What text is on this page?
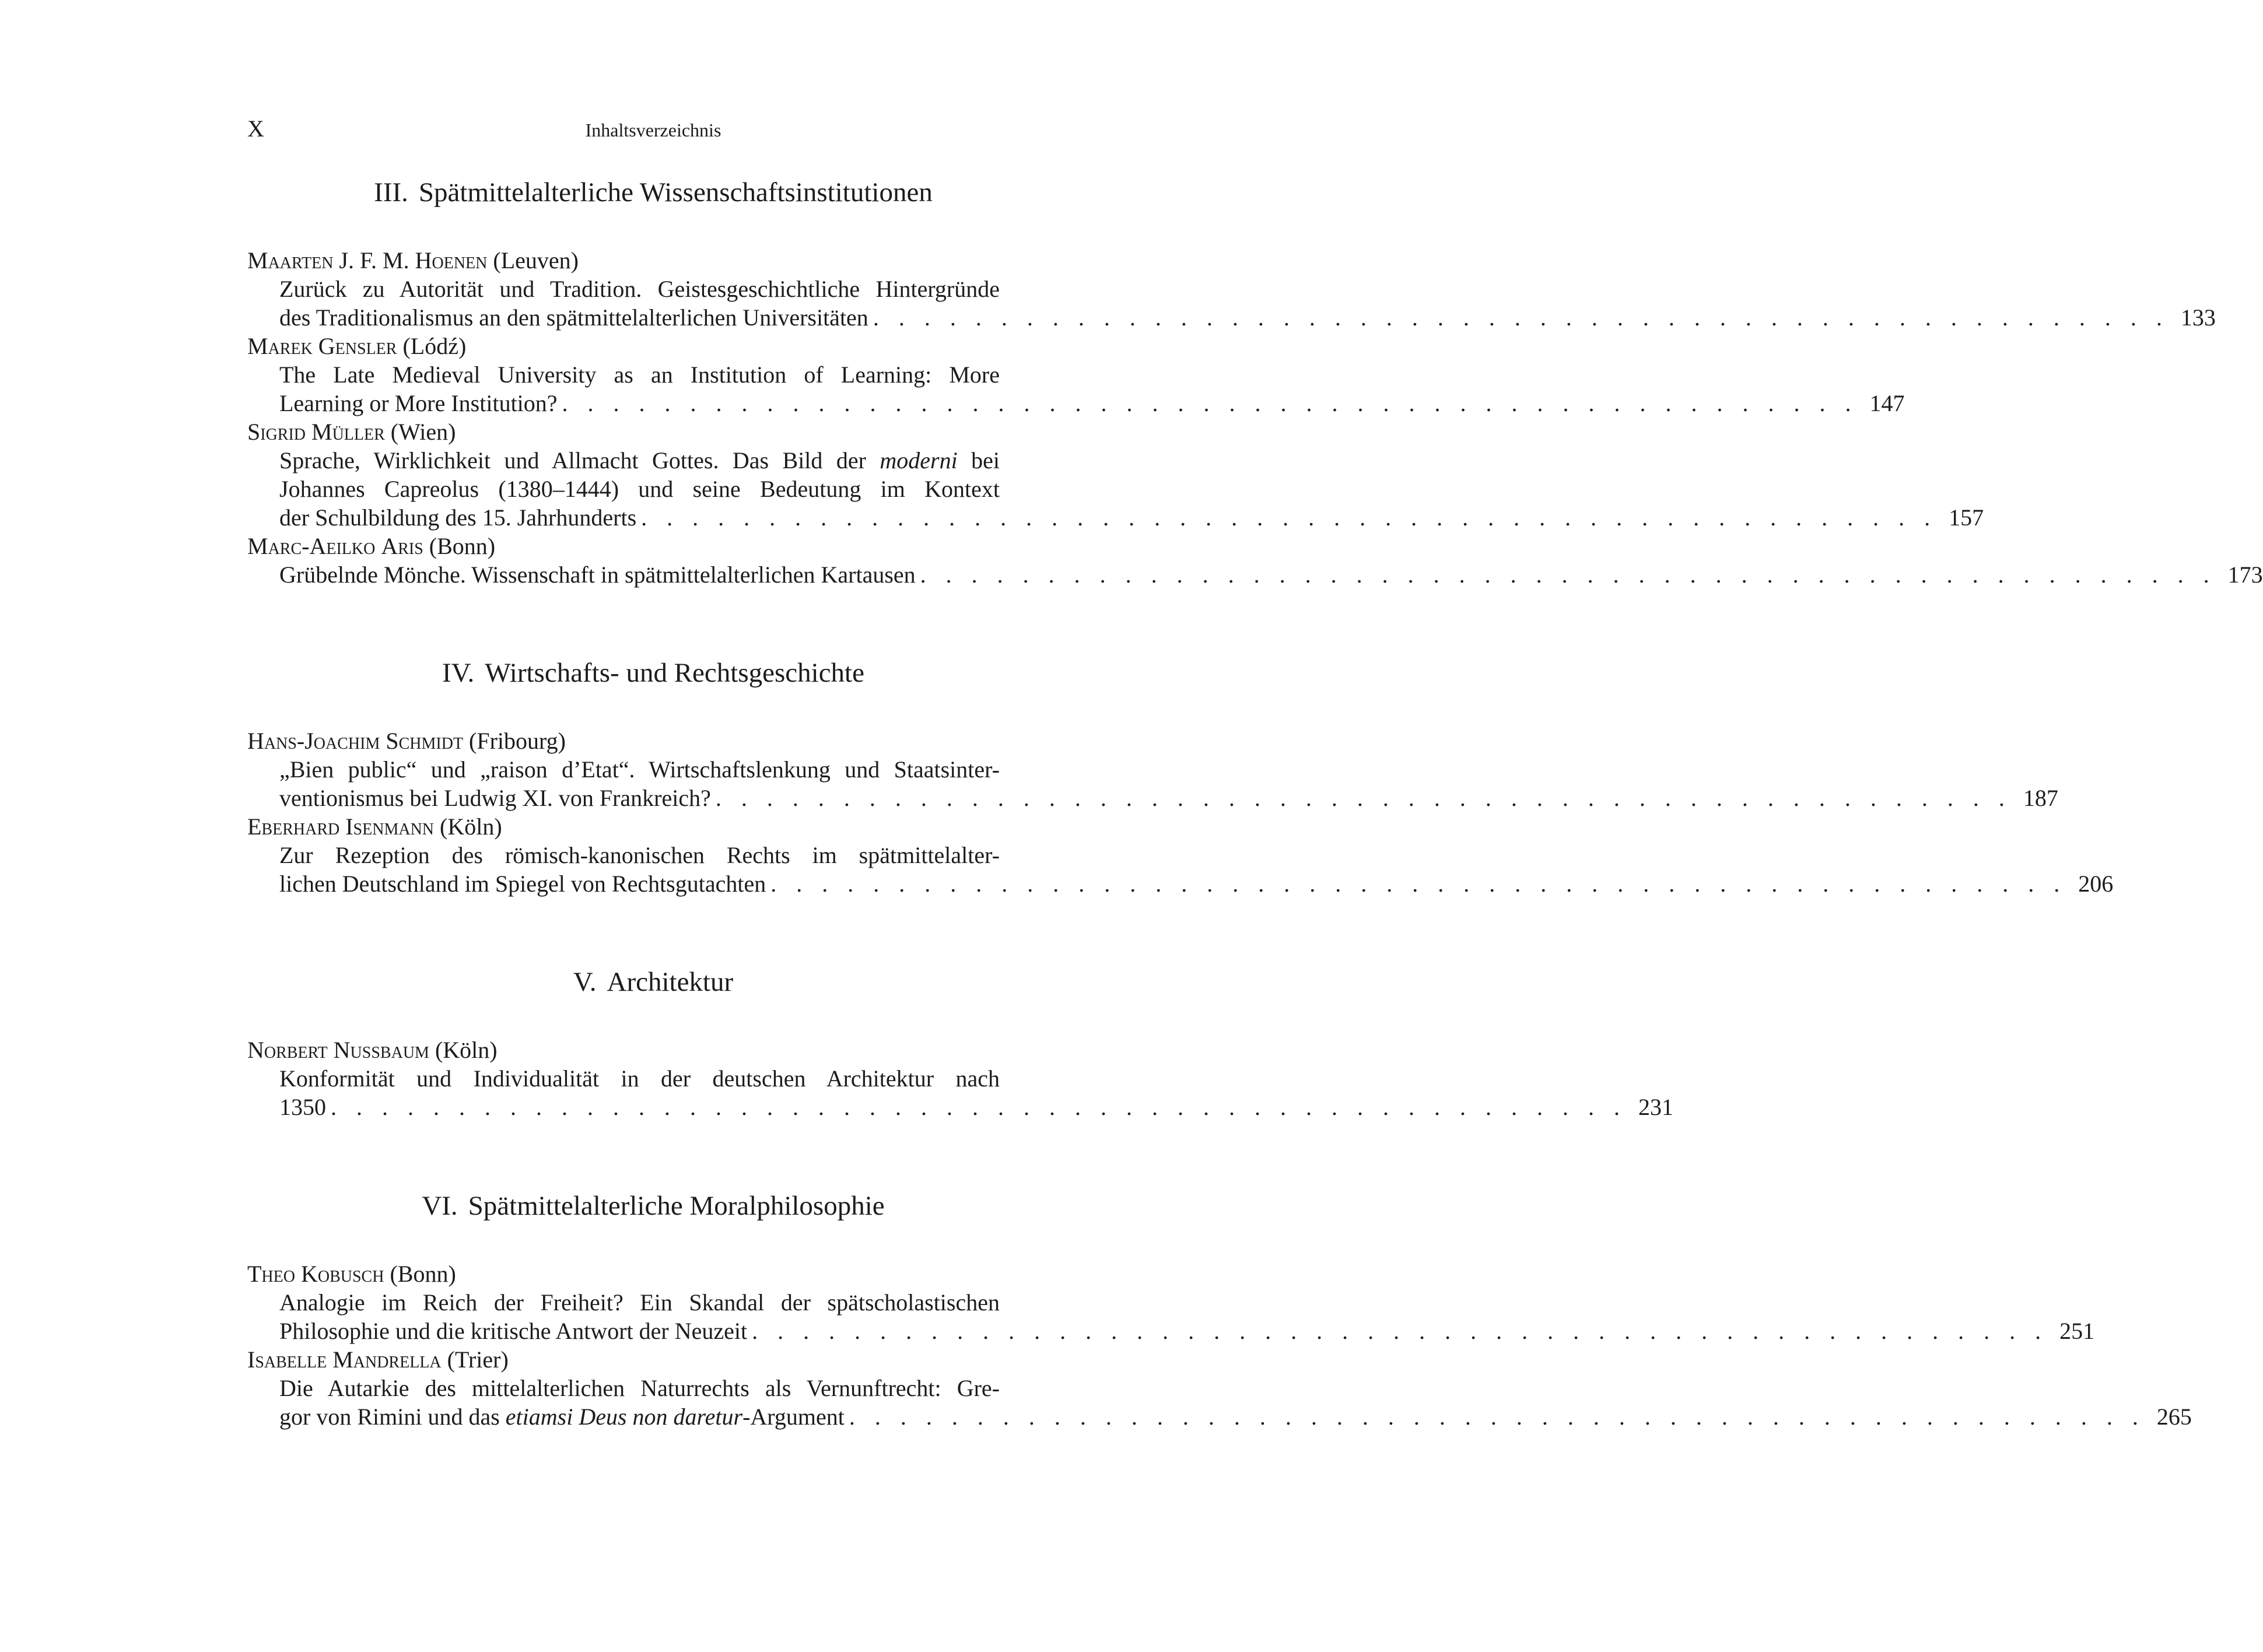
X	Inhaltsverzeichnis
III. Spätmittelalterliche Wissenschaftsinstitutionen
Maarten J. F. M. Hoenen (Leuven)
Zurück zu Autorität und Tradition. Geistesgeschichtliche Hintergründe
des Traditionalismus an den spätmittelalterlichen Universitäten . . . . . . . . . . . . . . . . . . . . . . . . . . . . . . . . . . . . . . . . . . . . . . . . . . . 133
Marek Gensler (Lódź)
The Late Medieval University as an Institution of Learning: More
Learning or More Institution? . . . . . . . . . . . . . . . . . . . . . . . . . . . . . . . . . . . . . . . . . . . . . . . . . . . 147
Sigrid Müller (Wien)
Sprache, Wirklichkeit und Allmacht Gottes. Das Bild der moderni bei
Johannes Capreolus (1380–1444) und seine Bedeutung im Kontext
der Schulbildung des 15. Jahrhunderts . . . . . . . . . . . . . . . . . . . . . . . . . . . . . . . . . . . . . . . . . . . . . . . . . . . 157
Marc-Aeilko Aris (Bonn)
Grübelnde Mönche. Wissenschaft in spätmittelalterlichen Kartausen . . . . . . . . . . . . . . . . . . . . . . . . . . . . . . . . . . . . . . . . . . . . . . . . . . . 173
IV. Wirtschafts- und Rechtsgeschichte
Hans-Joachim Schmidt (Fribourg)
„Bien public“ und „raison d’Etat“. Wirtschaftslenkung und Staatsinter-
ventionismus bei Ludwig XI. von Frankreich? . . . . . . . . . . . . . . . . . . . . . . . . . . . . . . . . . . . . . . . . . . . . . . . . . . . 187
Eberhard Isenmann (Köln)
Zur Rezeption des römisch-kanonischen Rechts im spätmittelalter-
lichen Deutschland im Spiegel von Rechtsgutachten . . . . . . . . . . . . . . . . . . . . . . . . . . . . . . . . . . . . . . . . . . . . . . . . . . . 206
V. Architektur
Norbert Nußbaum (Köln)
Konformität und Individualität in der deutschen Architektur nach
1350 . . . . . . . . . . . . . . . . . . . . . . . . . . . . . . . . . . . . . . . . . . . . . . . . . . . 231
VI. Spätmittelalterliche Moralphilosophie
Theo Kobusch (Bonn)
Analogie im Reich der Freiheit? Ein Skandal der spätscholastischen
Philosophie und die kritische Antwort der Neuzeit . . . . . . . . . . . . . . . . . . . . . . . . . . . . . . . . . . . . . . . . . . . . . . . . . . . 251
Isabelle Mandrella (Trier)
Die Autarkie des mittelalterlichen Naturrechts als Vernunftrecht: Gre-
gor von Rimini und das etiamsi Deus non daretur-Argument . . . . . . . . . . . . . . . . . . . . . . . . . . . . . . . . . . . . . . . . . . . . . . . . . . . 265
